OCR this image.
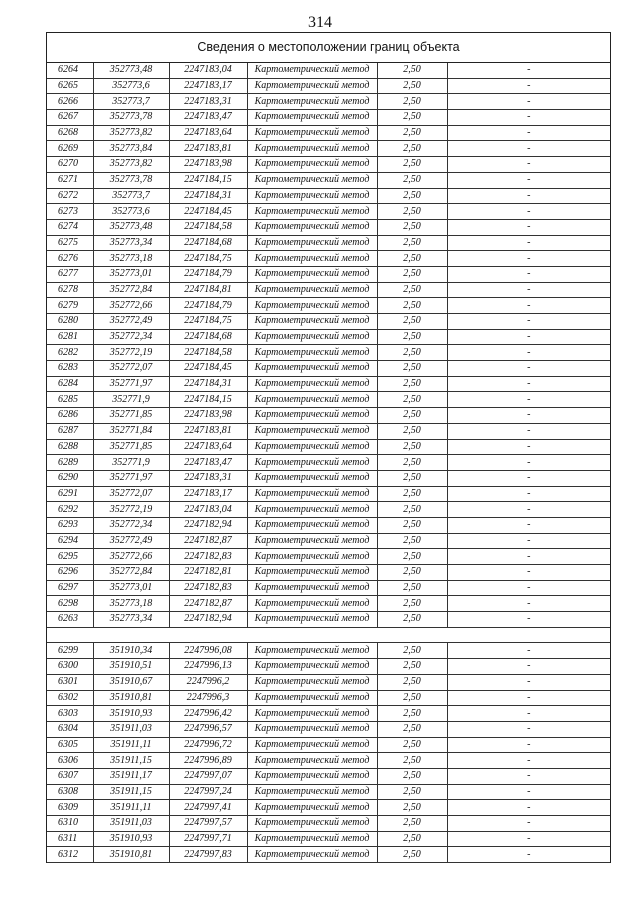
314
Сведения о местоположении границ объекта
6264	352773,48	2247183,04	Картометрический метод	2,50	-
6265	352773,6	2247183,17	Картометрический метод	2,50	-
6266	352773,7	2247183,31	Картометрический метод	2,50	-
6267	352773,78	2247183,47	Картометрический метод	2,50	-
6268	352773,82	2247183,64	Картометрический метод	2,50	-
6269	352773,84	2247183,81	Картометрический метод	2,50	-
6270	352773,82	2247183,98	Картометрический метод	2,50	-
6271	352773,78	2247184,15	Картометрический метод	2,50	-
6272	352773,7	2247184,31	Картометрический метод	2,50	-
6273	352773,6	2247184,45	Картометрический метод	2,50	-
6274	352773,48	2247184,58	Картометрический метод	2,50	-
6275	352773,34	2247184,68	Картометрический метод	2,50	-
6276	352773,18	2247184,75	Картометрический метод	2,50	-
6277	352773,01	2247184,79	Картометрический метод	2,50	-
6278	352772,84	2247184,81	Картометрический метод	2,50	-
6279	352772,66	2247184,79	Картометрический метод	2,50	-
6280	352772,49	2247184,75	Картометрический метод	2,50	-
6281	352772,34	2247184,68	Картометрический метод	2,50	-
6282	352772,19	2247184,58	Картометрический метод	2,50	-
6283	352772,07	2247184,45	Картометрический метод	2,50	-
6284	352771,97	2247184,31	Картометрический метод	2,50	-
6285	352771,9	2247184,15	Картометрический метод	2,50	-
6286	352771,85	2247183,98	Картометрический метод	2,50	-
6287	352771,84	2247183,81	Картометрический метод	2,50	-
6288	352771,85	2247183,64	Картометрический метод	2,50	-
6289	352771,9	2247183,47	Картометрический метод	2,50	-
6290	352771,97	2247183,31	Картометрический метод	2,50	-
6291	352772,07	2247183,17	Картометрический метод	2,50	-
6292	352772,19	2247183,04	Картометрический метод	2,50	-
6293	352772,34	2247182,94	Картометрический метод	2,50	-
6294	352772,49	2247182,87	Картометрический метод	2,50	-
6295	352772,66	2247182,83	Картометрический метод	2,50	-
6296	352772,84	2247182,81	Картометрический метод	2,50	-
6297	352773,01	2247182,83	Картометрический метод	2,50	-
6298	352773,18	2247182,87	Картометрический метод	2,50	-
6263	352773,34	2247182,94	Картометрический метод	2,50	-

6299	351910,34	2247996,08	Картометрический метод	2,50	-
6300	351910,51	2247996,13	Картометрический метод	2,50	-
6301	351910,67	2247996,2	Картометрический метод	2,50	-
6302	351910,81	2247996,3	Картометрический метод	2,50	-
6303	351910,93	2247996,42	Картометрический метод	2,50	-
6304	351911,03	2247996,57	Картометрический метод	2,50	-
6305	351911,11	2247996,72	Картометрический метод	2,50	-
6306	351911,15	2247996,89	Картометрический метод	2,50	-
6307	351911,17	2247997,07	Картометрический метод	2,50	-
6308	351911,15	2247997,24	Картометрический метод	2,50	-
6309	351911,11	2247997,41	Картометрический метод	2,50	-
6310	351911,03	2247997,57	Картометрический метод	2,50	-
6311	351910,93	2247997,71	Картометрический метод	2,50	-
6312	351910,81	2247997,83	Картометрический метод	2,50	-
